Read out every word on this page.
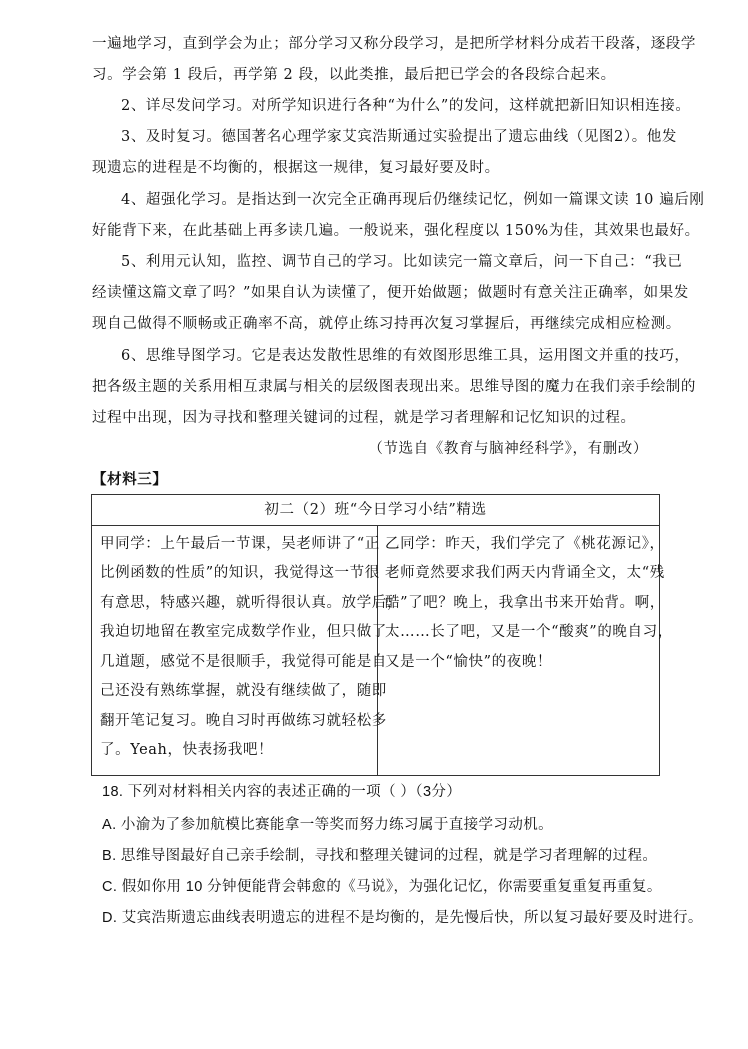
一遍地学习，直到学会为止；部分学习又称分段学习，是把所学材料分成若干段落，逐段学
习。学会第 1 段后，再学第 2 段，以此类推，最后把已学会的各段综合起来。
2、详尽发问学习。对所学知识进行各种“为什么”的发问，这样就把新旧知识相连接。
3、及时复习。德国著名心理学家艾宾浩斯通过实验提出了遗忘曲线（见图2）。他发
现遗忘的进程是不均衡的，根据这一规律，复习最好要及时。
4、超强化学习。是指达到一次完全正确再现后仍继续记忆，例如一篇课文读 10 遍后刚
好能背下来，在此基础上再多读几遍。一般说来，强化程度以 150%为佳，其效果也最好。
5、利用元认知，监控、调节自己的学习。比如读完一篇文章后，问一下自己：“我已
经读懂这篇文章了吗？”如果自认为读懂了，便开始做题；做题时有意关注正确率，如果发
现自己做得不顺畅或正确率不高，就停止练习持再次复习掌握后，再继续完成相应检测。
6、思维导图学习。它是表达发散性思维的有效图形思维工具，运用图文并重的技巧，
把各级主题的关系用相互隶属与相关的层级图表现出来。思维导图的魔力在我们亲手绘制的
过程中出现，因为寻找和整理关键词的过程，就是学习者理解和记忆知识的过程。
（节选自《教育与脑神经科学》，有删改）
【材料三】
初二（2）班“今日学习小结”精选
甲同学：上午最后一节课，吴老师讲了“正
比例函数的性质”的知识，我觉得这一节很
有意思，特感兴趣，就听得很认真。放学后，
我迫切地留在教室完成数学作业，但只做了
几道题，感觉不是很顺手，我觉得可能是自
己还没有熟练掌握，就没有继续做了，随即
翻开笔记复习。晚自习时再做练习就轻松多
了。Yeah，快表扬我吧！
乙同学：昨天，我们学完了《桃花源记》，
老师竟然要求我们两天内背诵全文，太“残
酷”了吧？晚上，我拿出书来开始背。啊，
太……长了吧，又是一个“酸爽”的晚自习，
又是一个“愉快”的夜晚！
18. 下列对材料相关内容的表述正确的一项（ ）（3分）
A. 小渝为了参加航模比赛能拿一等奖而努力练习属于直接学习动机。
B. 思维导图最好自己亲手绘制，寻找和整理关键词的过程，就是学习者理解的过程。
C. 假如你用 10 分钟便能背会韩愈的《马说》，为强化记忆，你需要重复重复再重复。
D. 艾宾浩斯遗忘曲线表明遗忘的进程不是均衡的，是先慢后快，所以复习最好要及时进行。
